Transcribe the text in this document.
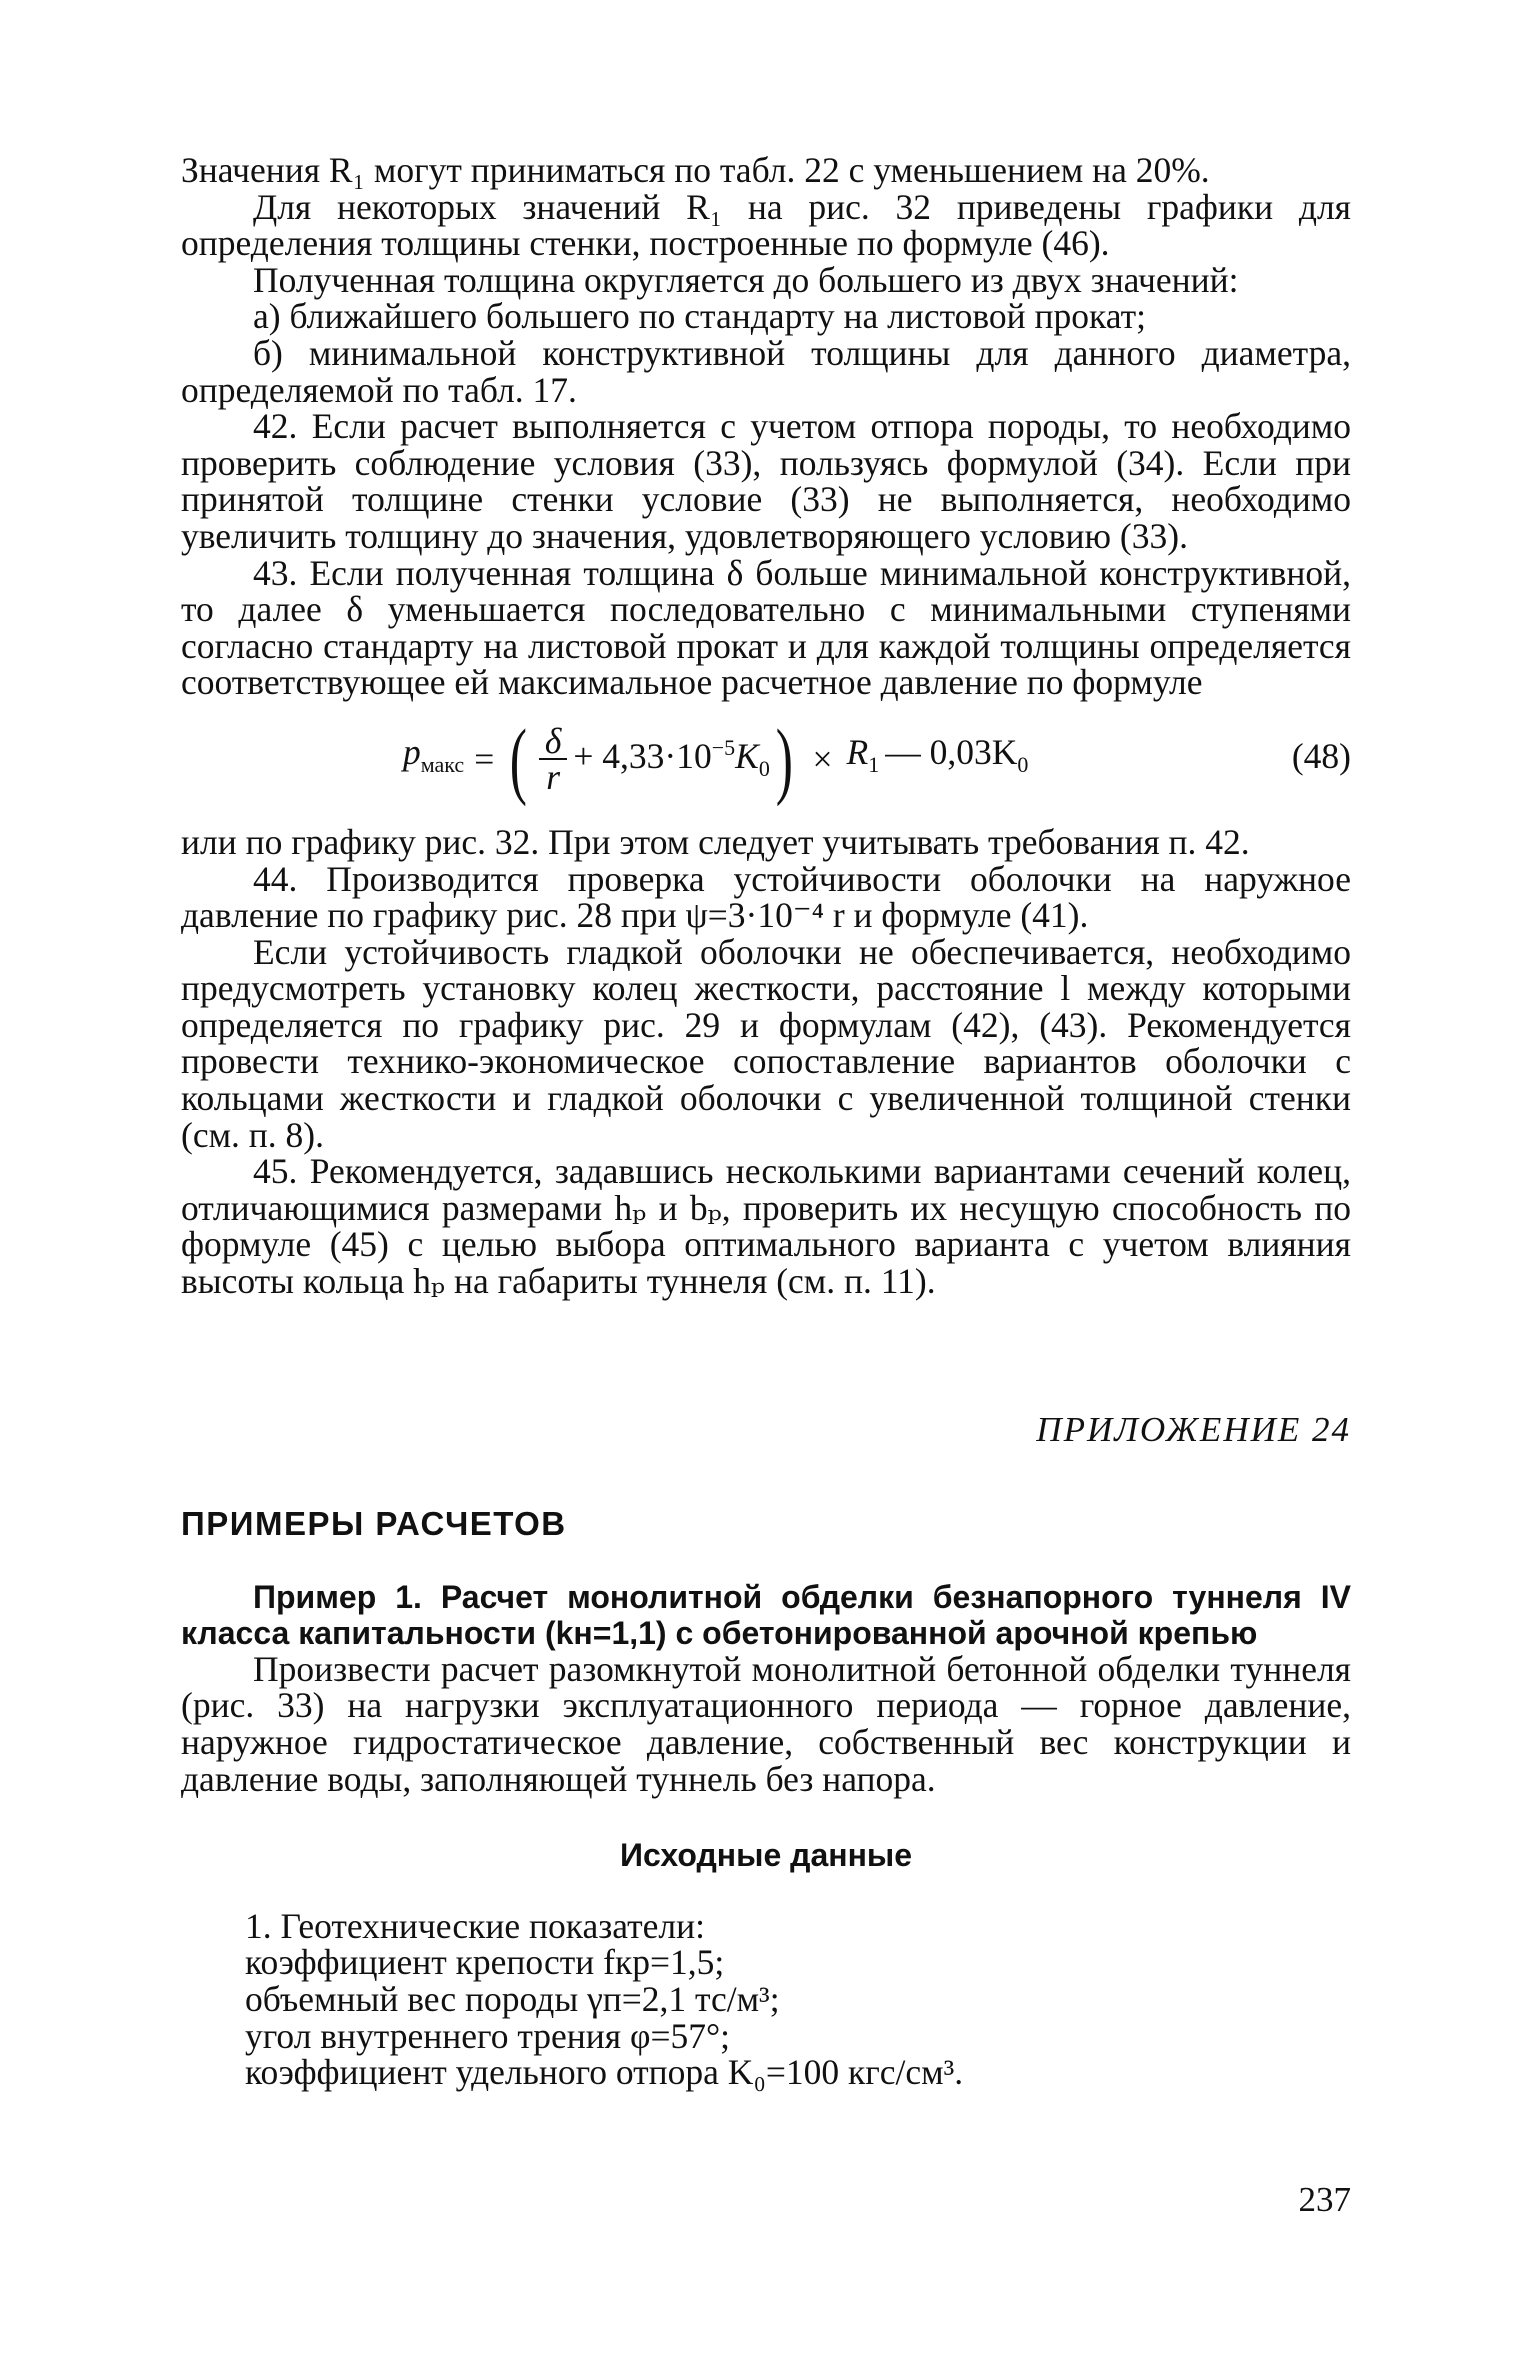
Значения R₁ могут приниматься по табл. 22 с уменьшением на 20%.

Для некоторых значений R₁ на рис. 32 приведены графики для определения толщины стенки, построенные по формуле (46).

Полученная толщина округляется до большего из двух значений:

а) ближайшего большего по стандарту на листовой прокат;

б) минимальной конструктивной толщины для данного диаметра, определяемой по табл. 17.

42. Если расчет выполняется с учетом отпора породы, то необходимо проверить соблюдение условия (33), пользуясь формулой (34). Если при принятой толщине стенки условие (33) не выполняется, необходимо увеличить толщину до значения, удовлетворяющего условию (33).

43. Если полученная толщина δ больше минимальной конструктивной, то далее δ уменьшается последовательно с минимальными ступенями согласно стандарту на листовой прокат и для каждой толщины определяется соответствующее ей максимальное расчетное давление по формуле

$p_{макс}$ = ( $\frac{\delta}{r} + 4,33\cdot 10^{-5}K_0$ ) × $R_1$ — $0,03K_0$	(48)

или по графику рис. 32. При этом следует учитывать требования п. 42.

44. Производится проверка устойчивости оболочки на наружное давление по графику рис. 28 при ψ=3·10⁻⁴ r и формуле (41).

Если устойчивость гладкой оболочки не обеспечивается, необходимо предусмотреть установку колец жесткости, расстояние l между которыми определяется по графику рис. 29 и формулам (42), (43). Рекомендуется провести технико-экономическое сопоставление вариантов оболочки с кольцами жесткости и гладкой оболочки с увеличенной толщиной стенки (см. п. 8).

45. Рекомендуется, задавшись несколькими вариантами сечений колец, отличающимися размерами hₚ и bₚ, проверить их несущую способность по формуле (45) с целью выбора оптимального варианта с учетом влияния высоты кольца hₚ на габариты туннеля (см. п. 11).

ПРИЛОЖЕНИЕ 24
ПРИМЕРЫ РАСЧЕТОВ

Пример 1. Расчет монолитной обделки безнапорного туннеля IV класса капитальности (kн=1,1) с обетонированной арочной крепью

Произвести расчет разомкнутой монолитной бетонной обделки туннеля (рис. 33) на нагрузки эксплуатационного периода — горное давление, наружное гидростатическое давление, собственный вес конструкции и давление воды, заполняющей туннель без напора.

Исходные данные
1. Геотехнические показатели:
коэффициент крепости fкр=1,5;
объемный вес породы γп=2,1 тс/м³;
угол внутреннего трения φ=57°;
коэффициент удельного отпора K₀=100 кгс/см³.
237
